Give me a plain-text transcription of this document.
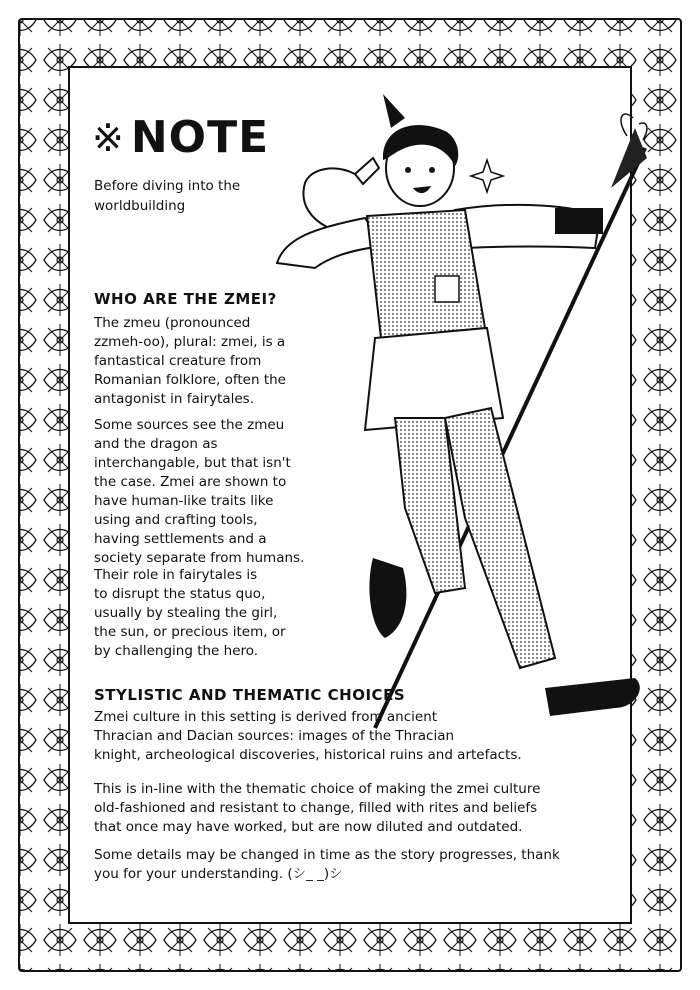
※ NOTE
Before diving into the worldbuilding
WHO ARE THE ZMEI?
The zmeu (pronounced
zzmeh-oo), plural: zmei, is a
fantastical creature from
Romanian folklore, often the
antagonist in fairytales.
Some sources see the zmeu
and the dragon as
interchangable, but that isn't
the case. Zmei are shown to
have human-like traits like
using and crafting tools,
having settlements and a
society separate from humans.
Their role in fairytales is
to disrupt the status quo,
usually by stealing the girl,
the sun, or precious item, or
by challenging the hero.
STYLISTIC AND THEMATIC CHOICES
Zmei culture in this setting is derived from ancient
Thracian and Dacian sources: images of the Thracian
knight, archeological discoveries, historical ruins and artefacts.
This is in-line with the thematic choice of making the zmei culture
old-fashioned and resistant to change, filled with rites and beliefs
that once may have worked, but are now diluted and outdated.
Some details may be changed in time as the story progresses, thank
you for your understanding. (シ_ _)シ
